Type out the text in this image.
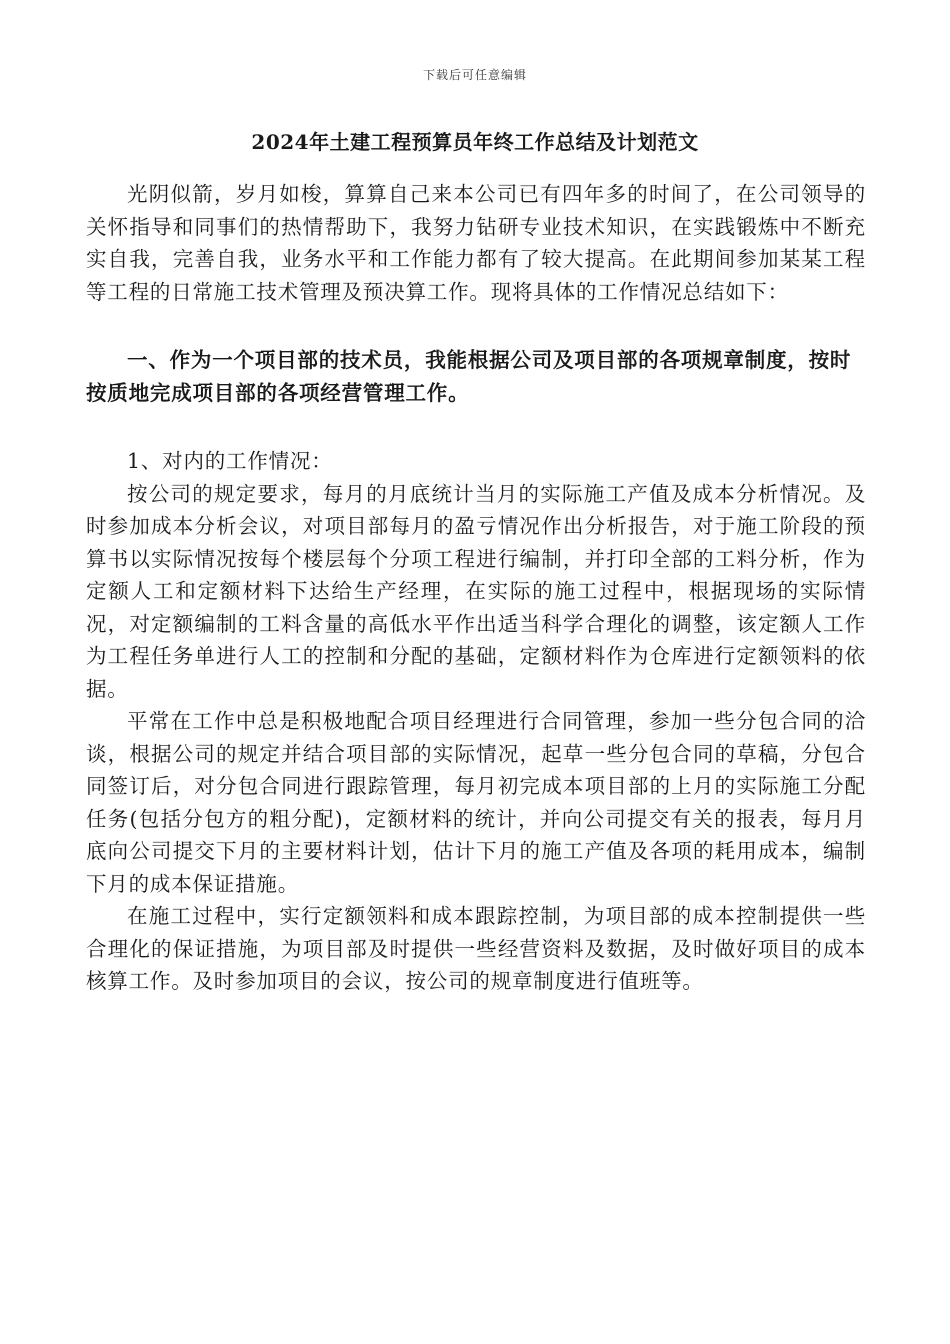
下载后可任意编辑
2024年土建工程预算员年终工作总结及计划范文

光阴似箭，岁月如梭，算算自己来本公司已有四年多的时间了，在公司领导的关怀指导和同事们的热情帮助下，我努力钻研专业技术知识，在实践锻炼中不断充实自我，完善自我，业务水平和工作能力都有了较大提高。在此期间参加某某工程等工程的日常施工技术管理及预决算工作。现将具体的工作情况总结如下：

一、作为一个项目部的技术员，我能根据公司及项目部的各项规章制度，按时按质地完成项目部的各项经营管理工作。

1、对内的工作情况：

按公司的规定要求，每月的月底统计当月的实际施工产值及成本分析情况。及时参加成本分析会议，对项目部每月的盈亏情况作出分析报告，对于施工阶段的预算书以实际情况按每个楼层每个分项工程进行编制，并打印全部的工料分析，作为定额人工和定额材料下达给生产经理，在实际的施工过程中，根据现场的实际情况，对定额编制的工料含量的高低水平作出适当科学合理化的调整，该定额人工作为工程任务单进行人工的控制和分配的基础，定额材料作为仓库进行定额领料的依据。

平常在工作中总是积极地配合项目经理进行合同管理，参加一些分包合同的洽谈，根据公司的规定并结合项目部的实际情况，起草一些分包合同的草稿，分包合同签订后，对分包合同进行跟踪管理，每月初完成本项目部的上月的实际施工分配任务(包括分包方的粗分配)，定额材料的统计，并向公司提交有关的报表，每月月底向公司提交下月的主要材料计划，估计下月的施工产值及各项的耗用成本，编制下月的成本保证措施。

在施工过程中，实行定额领料和成本跟踪控制，为项目部的成本控制提供一些合理化的保证措施，为项目部及时提供一些经营资料及数据，及时做好项目的成本核算工作。及时参加项目的会议，按公司的规章制度进行值班等。
